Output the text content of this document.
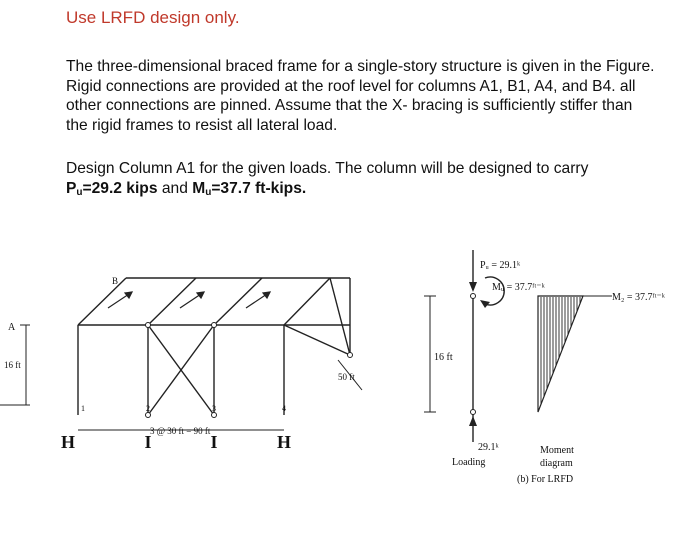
Use LRFD design only.
The three-dimensional braced frame for a single-story structure is given in the Figure. Rigid connections are provided at the roof level for columns A1, B1, A4, and B4. all other connections are pinned. Assume that the X- bracing is sufficiently stiffer than the rigid frames to resist all lateral load.
Design Column A1 for the given loads. The column will be designed to carry
$P_u=29.2$ kips and $M_u=37.7$ ft-kips.
H	I	I	H
A
B
16 ft
50 ft
3 @ 30 ft = 90 ft
1	2	3	4
Pᵤ = 29.1ᵏ
Mᵤ = 37.7ᶠᵗ⁻ᵏ
16 ft
29.1ᵏ
Loading
M₂ = 37.7ᶠᵗ⁻ᵏ
Moment
diagram
(b) For LRFD
